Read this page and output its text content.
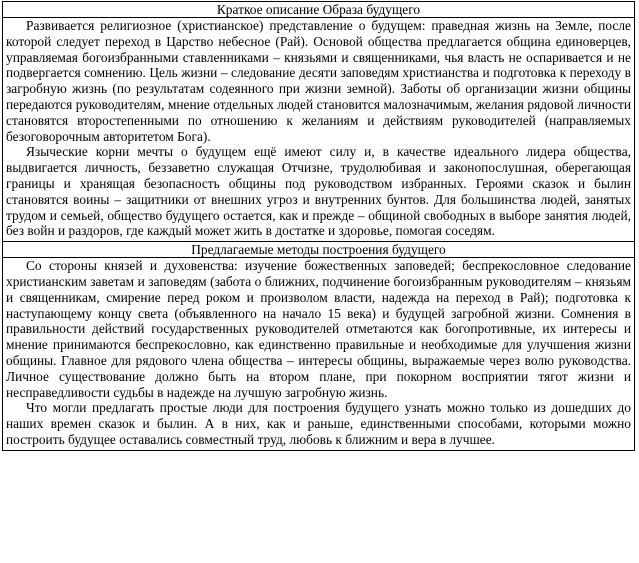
Краткое описание Образа будущего

Развивается религиозное (христианское) представление о будущем: праведная жизнь на Земле, после которой следует переход в Царство небесное (Рай). Основой общества предлагается община единоверцев, управляемая богоизбранными ставленниками – князьями и священниками, чья власть не оспаривается и не подвергается сомнению. Цель жизни – следование десяти заповедям христианства и подготовка к переходу в загробную жизнь (по результатам содеянного при жизни земной). Заботы об организации жизни общины передаются руководителям, мнение отдельных людей становится малозначимым, желания рядовой личности становятся второстепенными по отношению к желаниям и действиям руководителей (направляемых безоговорочным авторитетом Бога).

Языческие корни мечты о будущем ещё имеют силу и, в качестве идеального лидера общества, выдвигается личность, беззаветно служащая Отчизне, трудолюбивая и законопослушная, оберегающая границы и хранящая безопасность общины под руководством избранных. Героями сказок и былин становятся воины – защитники от внешних угроз и внутренних бунтов. Для большинства людей, занятых трудом и семьей, общество будущего остается, как и прежде – общиной свободных в выборе занятия людей, без войн и раздоров, где каждый может жить в достатке и здоровье, помогая соседям.

Предлагаемые методы построения будущего

Со стороны князей и духовенства: изучение божественных заповедей; беспрекословное следование христианским заветам и заповедям (забота о ближних, подчинение богоизбранным руководителям – князьям и священникам, смирение перед роком и произволом власти, надежда на переход в Рай); подготовка к наступающему концу света (объявленного на начало 15 века) и будущей загробной жизни. Сомнения в правильности действий государственных руководителей отметаются как богопротивные, их интересы и мнение принимаются беспрекословно, как единственно правильные и необходимые для улучшения жизни общины. Главное для рядового члена общества – интересы общины, выражаемые через волю руководства. Личное существование должно быть на втором плане, при покорном восприятии тягот жизни и несправедливости судьбы в надежде на лучшую загробную жизнь.

Что могли предлагать простые люди для построения будущего узнать можно только из дошедших до наших времен сказок и былин. А в них, как и раньше, единственными способами, которыми можно построить будущее оставались совместный труд, любовь к ближним и вера в лучшее.
